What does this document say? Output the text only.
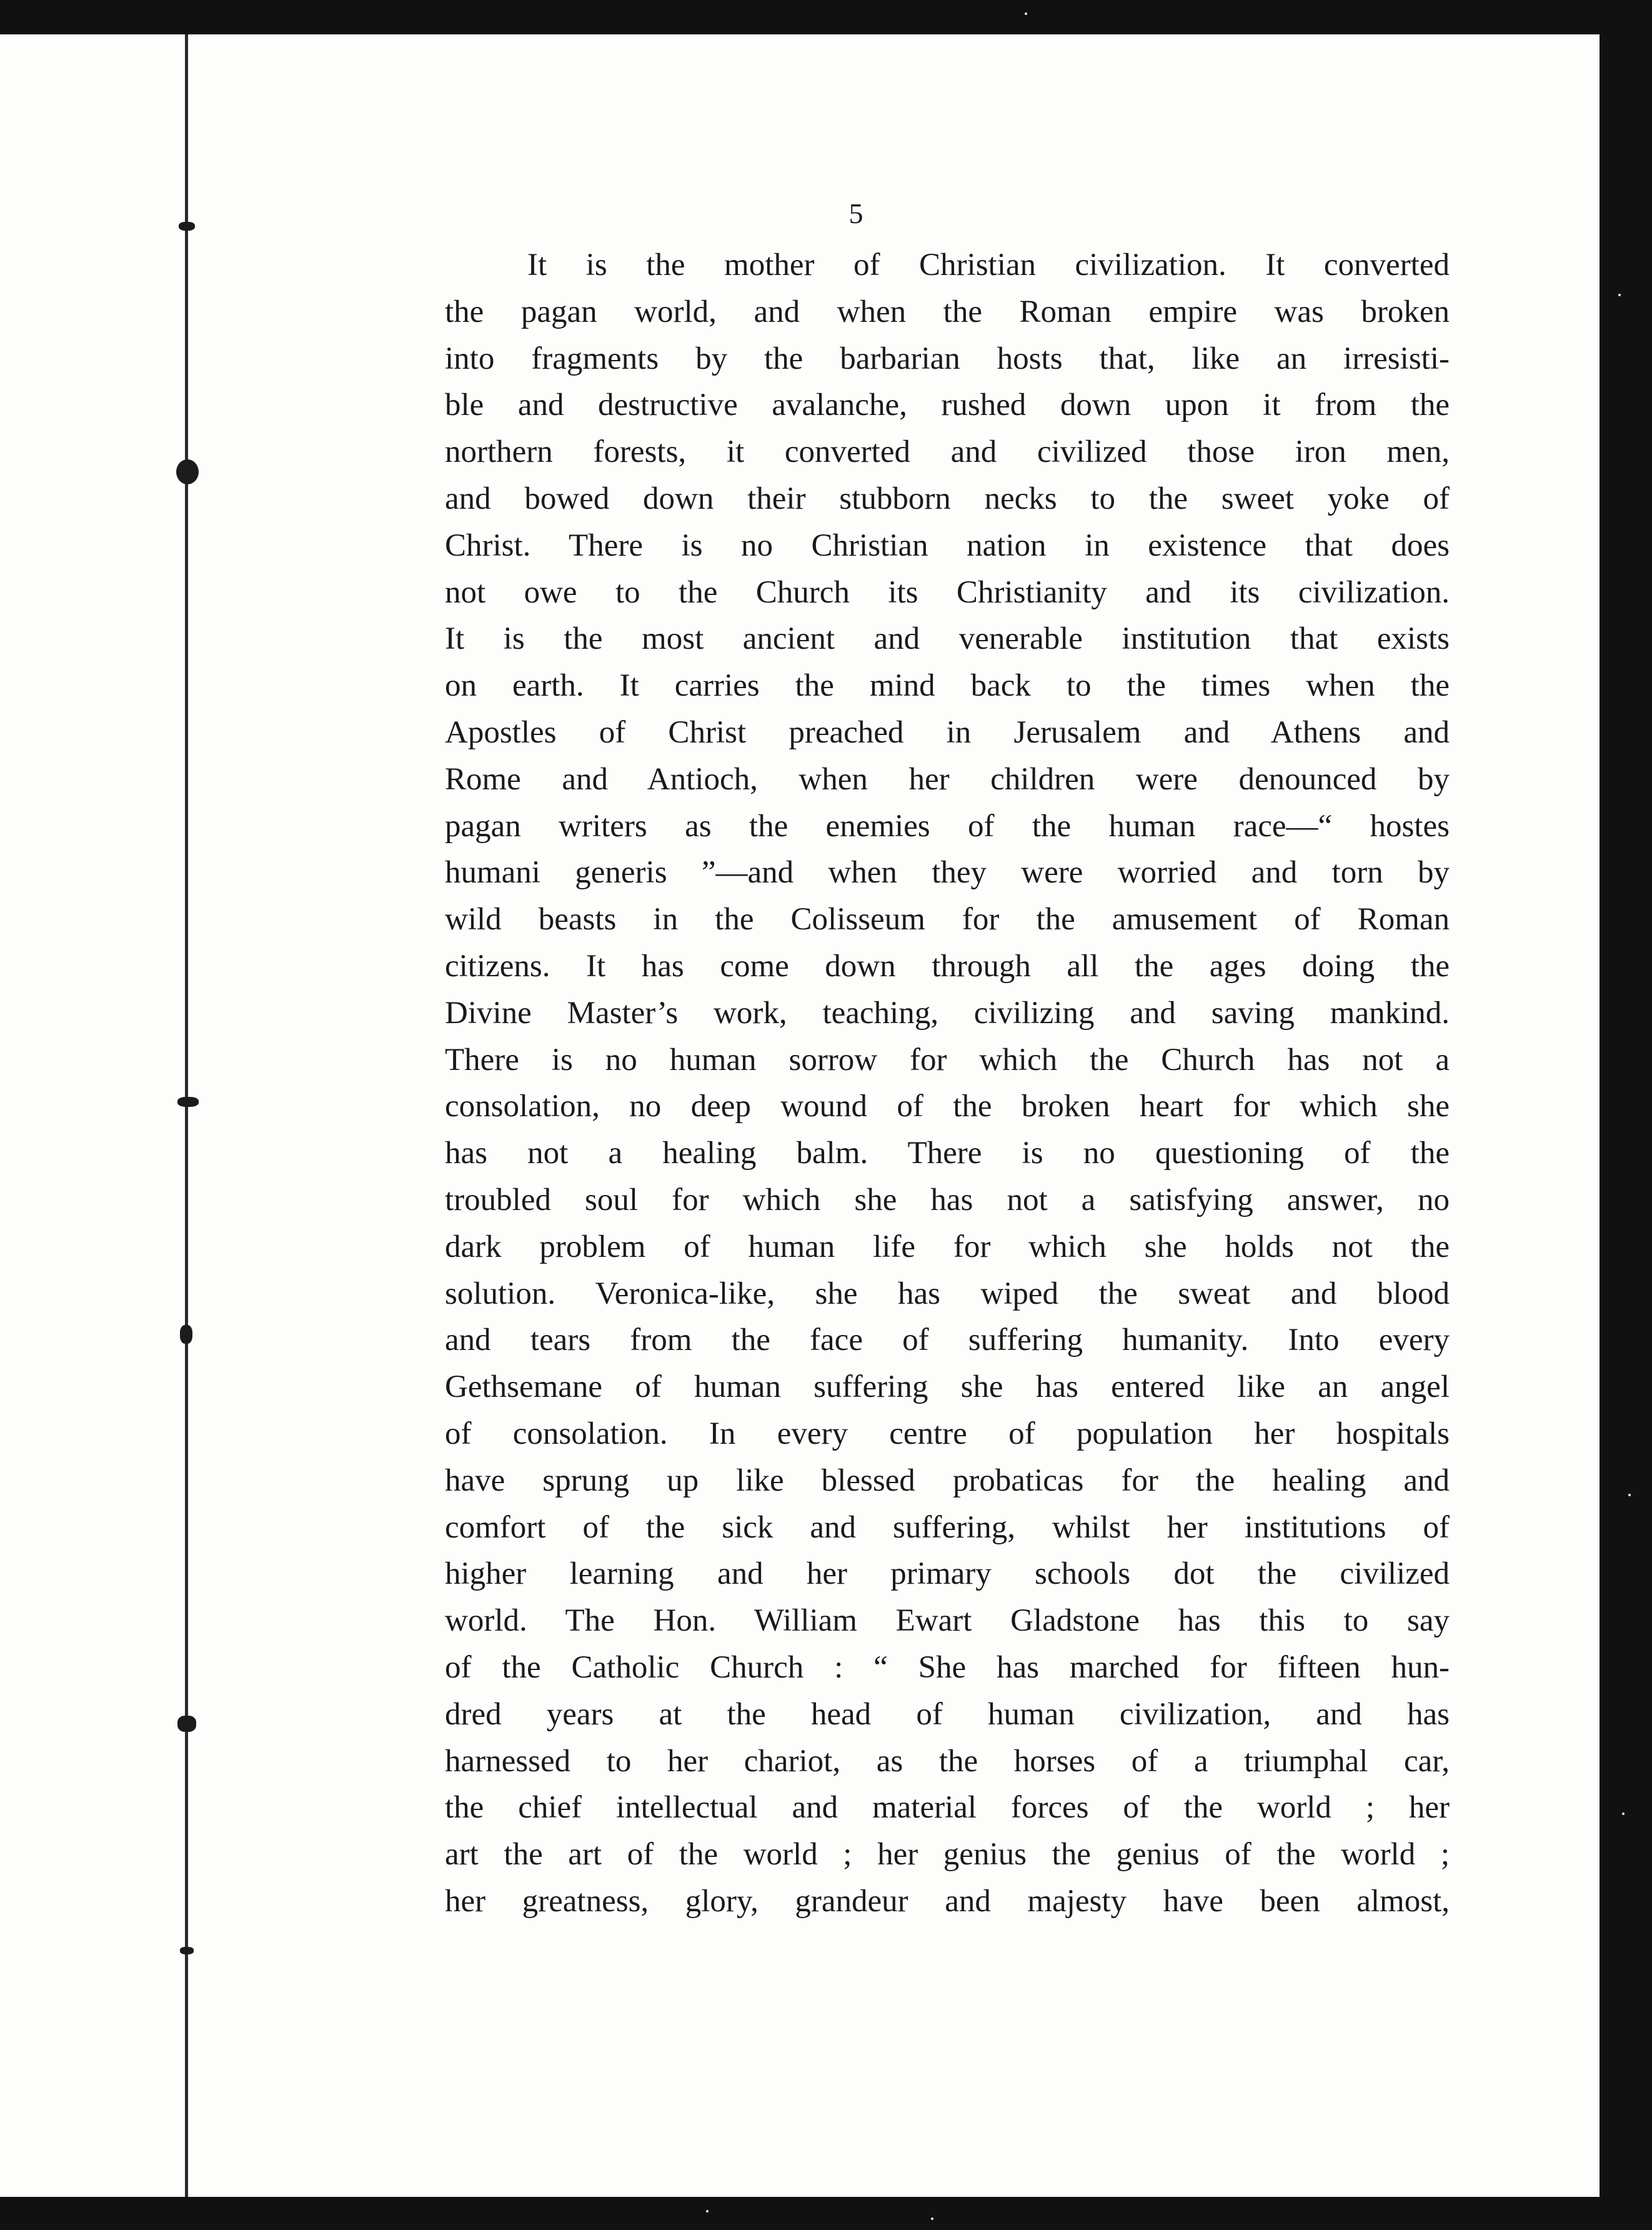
5
It is the mother of Christian civilization. It converted
the pagan world, and when the Roman empire was broken
into fragments by the barbarian hosts that, like an irresisti-
ble and destructive avalanche, rushed down upon it from the
northern forests, it converted and civilized those iron men,
and bowed down their stubborn necks to the sweet yoke of
Christ. There is no Christian nation in existence that does
not owe to the Church its Christianity and its civilization.
It is the most ancient and venerable institution that exists
on earth. It carries the mind back to the times when the
Apostles of Christ preached in Jerusalem and Athens and
Rome and Antioch, when her children were denounced by
pagan writers as the enemies of the human race—“ hostes
humani generis ”—and when they were worried and torn by
wild beasts in the Colisseum for the amusement of Roman
citizens. It has come down through all the ages doing the
Divine Master’s work, teaching, civilizing and saving mankind.
There is no human sorrow for which the Church has not a
consolation, no deep wound of the broken heart for which she
has not a healing balm. There is no questioning of the
troubled soul for which she has not a satisfying answer, no
dark problem of human life for which she holds not the
solution. Veronica-like, she has wiped the sweat and blood
and tears from the face of suffering humanity. Into every
Gethsemane of human suffering she has entered like an angel
of consolation. In every centre of population her hospitals
have sprung up like blessed probaticas for the healing and
comfort of the sick and suffering, whilst her institutions of
higher learning and her primary schools dot the civilized
world. The Hon. William Ewart Gladstone has this to say
of the Catholic Church : “ She has marched for fifteen hun-
dred years at the head of human civilization, and has
harnessed to her chariot, as the horses of a triumphal car,
the chief intellectual and material forces of the world ; her
art the art of the world ; her genius the genius of the world ;
her greatness, glory, grandeur and majesty have been almost,
